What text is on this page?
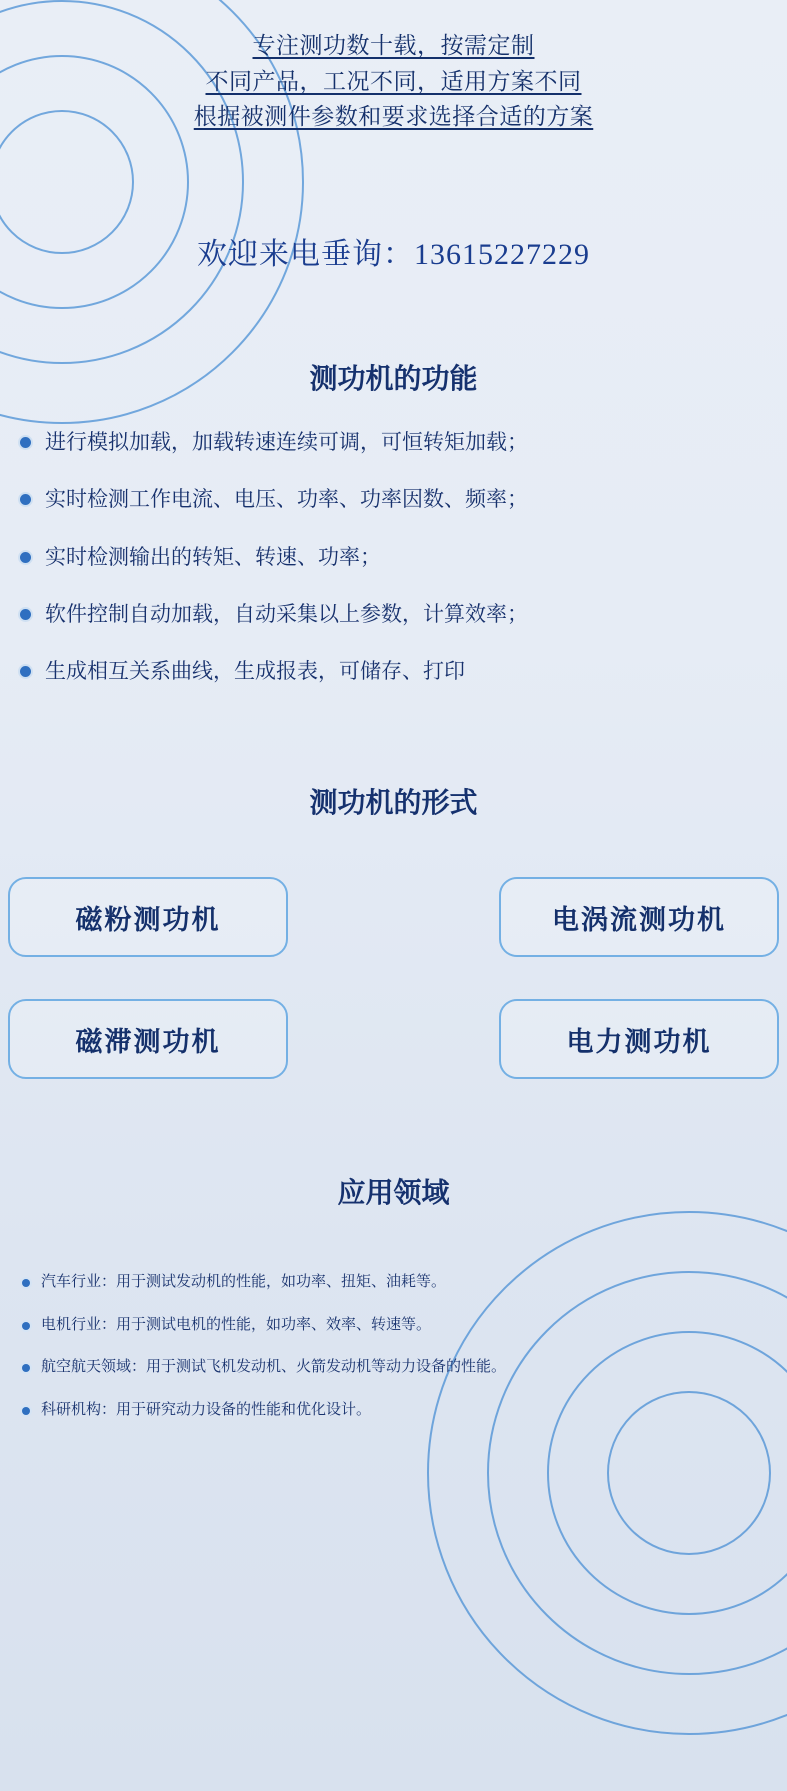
专注测功数十载，按需定制
不同产品，工况不同，适用方案不同
根据被测件参数和要求选择合适的方案
欢迎来电垂询：13615227229
测功机的功能
进行模拟加载，加载转速连续可调，可恒转矩加载；
实时检测工作电流、电压、功率、功率因数、频率；
实时检测输出的转矩、转速、功率；
软件控制自动加载，自动采集以上参数，计算效率；
生成相互关系曲线，生成报表，可储存、打印
测功机的形式
磁粉测功机	电涡流测功机
磁滞测功机	电力测功机
应用领域
汽车行业：用于测试发动机的性能，如功率、扭矩、油耗等。
电机行业：用于测试电机的性能，如功率、效率、转速等。
航空航天领域：用于测试飞机发动机、火箭发动机等动力设备的性能。
科研机构：用于研究动力设备的性能和优化设计。
